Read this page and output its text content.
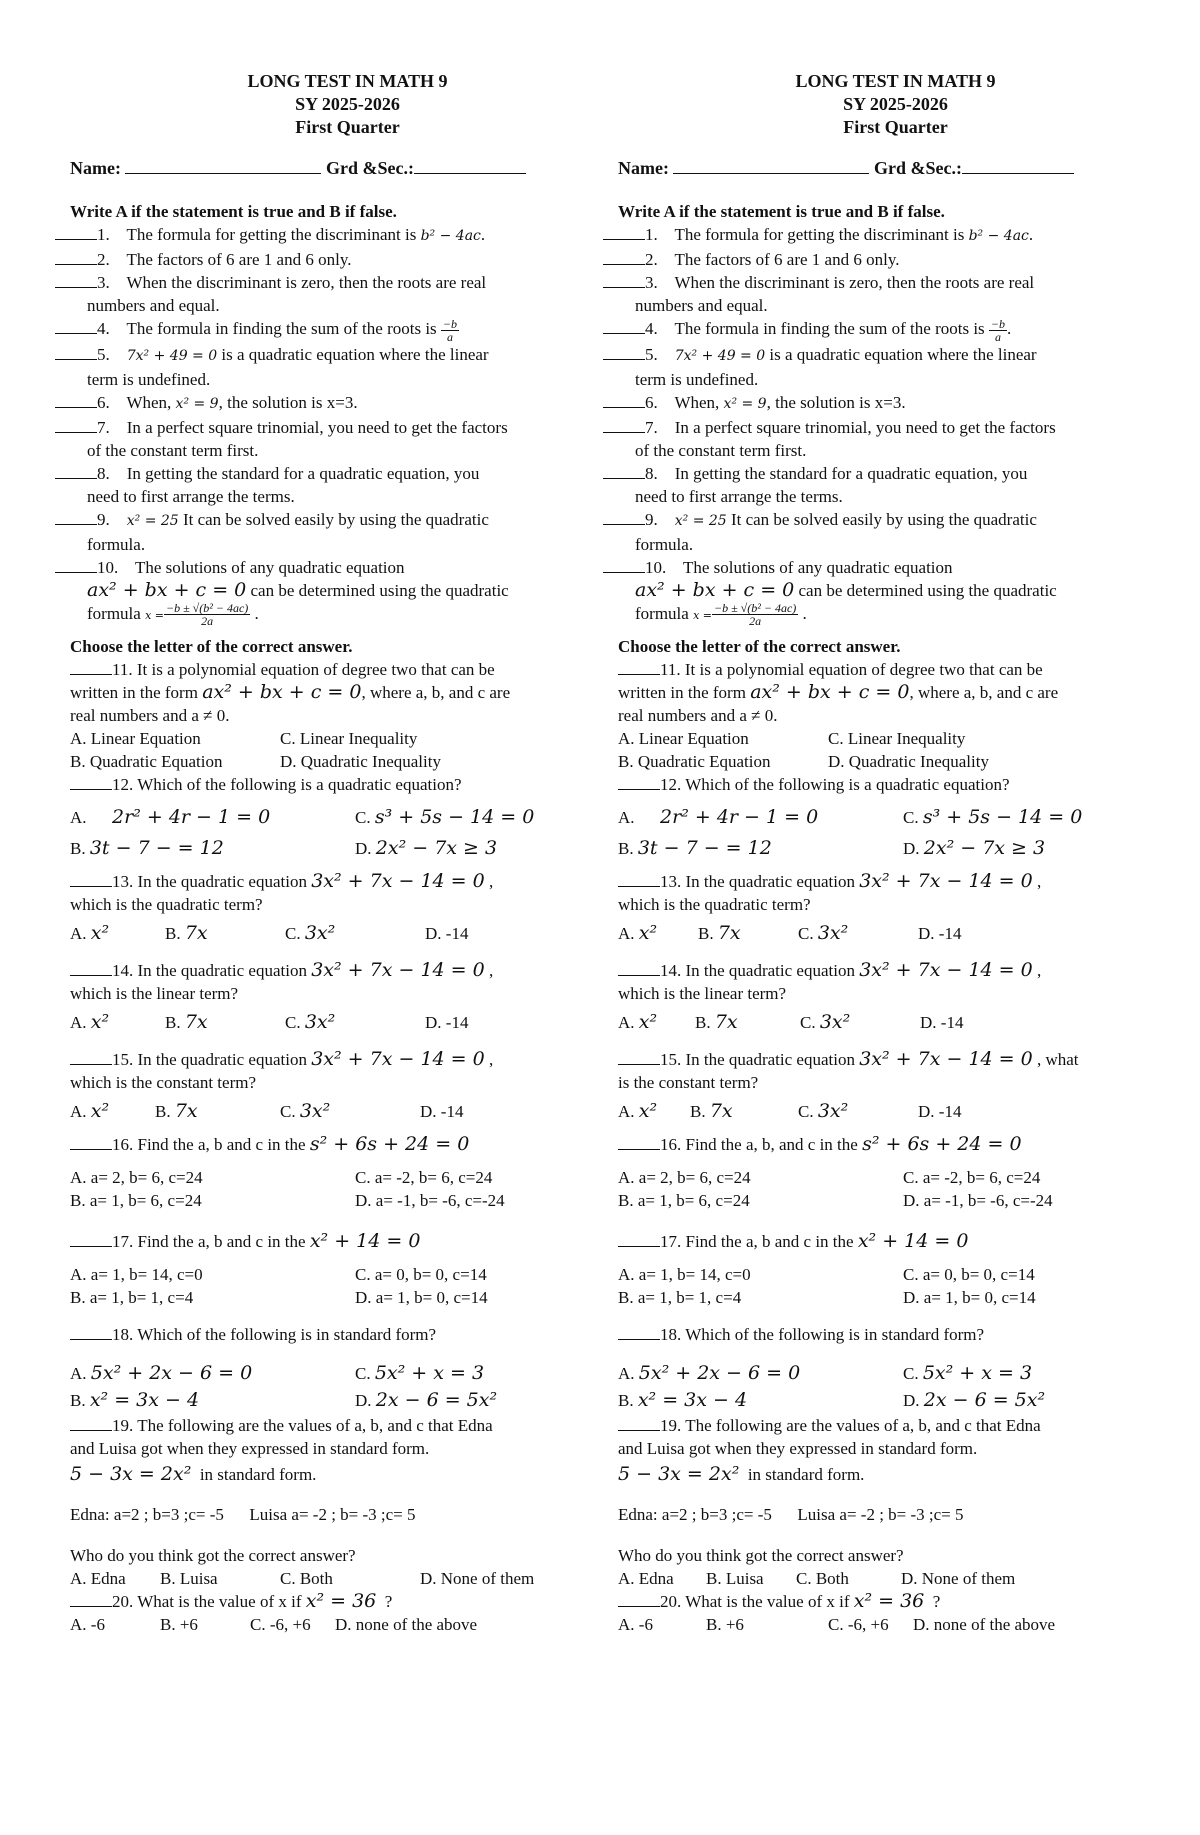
LONG TEST IN MATH 9
SY 2025-2026
First Quarter
Name:	Grd &Sec.:
Write A if the statement is true and B if false.
1. The formula for getting the discriminant is b² − 4ac.
2. The factors of 6 are 1 and 6 only.
3. When the discriminant is zero, then the roots are real
numbers and equal.
4. The formula in finding the sum of the roots is $\frac{-b}{a}$
5. 7x² + 49 = 0 is a quadratic equation where the linear
term is undefined.
6. When, x² = 9, the solution is x=3.
7. In a perfect square trinomial, you need to get the factors
of the constant term first.
8. In getting the standard for a quadratic equation, you
need to first arrange the terms.
9. x² = 25 It can be solved easily by using the quadratic
formula.
10. The solutions of any quadratic equation
ax² + bx + c = 0 can be determined using the quadratic
formula $x = \frac{\text{−b ± √(b² − 4ac)}}{2a}$ .
Choose the letter of the correct answer.
11. It is a polynomial equation of degree two that can be
written in the form ax² + bx + c = 0, where a, b, and c are
real numbers and a ≠ 0.
A. Linear Equation	C. Linear Inequality
B. Quadratic Equation	D. Quadratic Inequality
12. Which of the following is a quadratic equation?
A. 2r² + 4r − 1 = 0	C. s³ + 5s − 14 = 0
B. 3t − 7 − = 12	D. 2x² − 7x ≥ 3
13. In the quadratic equation 3x² + 7x − 14 = 0 ,
which is the quadratic term?
A. x²	B. 7x	C. 3x²	D. -14
14. In the quadratic equation 3x² + 7x − 14 = 0 ,
which is the linear term?
A. x²	B. 7x	C. 3x²	D. -14
15. In the quadratic equation 3x² + 7x − 14 = 0 ,
which is the constant term?
A. x²	B. 7x	C. 3x²	D. -14
16. Find the a, b and c in the s² + 6s + 24 = 0
A. a= 2, b= 6, c=24	C. a= -2, b= 6, c=24
B. a= 1, b= 6, c=24	D. a= -1, b= -6, c=-24
17. Find the a, b and c in the x² + 14 = 0
A. a= 1, b= 14, c=0	C. a= 0, b= 0, c=14
B. a= 1, b= 1, c=4	D. a= 1, b= 0, c=14
18. Which of the following is in standard form?
A. 5x² + 2x − 6 = 0	C. 5x² + x = 3
B. x² = 3x − 4	D. 2x − 6 = 5x²
19. The following are the values of a, b, and c that Edna
and Luisa got when they expressed in standard form.
5 − 3x = 2x² in standard form.
Edna: a=2 ; b=3 ;c= -5 Luisa a= -2 ; b= -3 ;c= 5
Who do you think got the correct answer?
A. Edna	B. Luisa	C. Both	D. None of them
20. What is the value of x if x² = 36 ?
A. -6	B. +6	C. -6, +6	D. none of the above
LONG TEST IN MATH 9
SY 2025-2026
First Quarter
Name:	Grd &Sec.:
Write A if the statement is true and B if false.
1. The formula for getting the discriminant is b² − 4ac.
2. The factors of 6 are 1 and 6 only.
3. When the discriminant is zero, then the roots are real
numbers and equal.
4. The formula in finding the sum of the roots is $\frac{-b}{a}$ .
5. 7x² + 49 = 0 is a quadratic equation where the linear
term is undefined.
6. When, x² = 9, the solution is x=3.
7. In a perfect square trinomial, you need to get the factors
of the constant term first.
8. In getting the standard for a quadratic equation, you
need to first arrange the terms.
9. x² = 25 It can be solved easily by using the quadratic
formula.
10. The solutions of any quadratic equation
ax² + bx + c = 0 can be determined using the quadratic
formula $x = \frac{\text{−b ± √(b² − 4ac)}}{2a}$ .
Choose the letter of the correct answer.
11. It is a polynomial equation of degree two that can be
written in the form ax² + bx + c = 0, where a, b, and c are
real numbers and a ≠ 0.
A. Linear Equation	C. Linear Inequality
B. Quadratic Equation	D. Quadratic Inequality
12. Which of the following is a quadratic equation?
A. 2r² + 4r − 1 = 0	C. s³ + 5s − 14 = 0
B. 3t − 7 − = 12	D. 2x² − 7x ≥ 3
13. In the quadratic equation 3x² + 7x − 14 = 0 ,
which is the quadratic term?
A. x²	B. 7x	C. 3x²	D. -14
14. In the quadratic equation 3x² + 7x − 14 = 0 ,
which is the linear term?
A. x²	B. 7x	C. 3x²	D. -14
15. In the quadratic equation 3x² + 7x − 14 = 0 , what
is the constant term?
A. x²	B. 7x	C. 3x²	D. -14
16. Find the a, b, and c in the s² + 6s + 24 = 0
A. a= 2, b= 6, c=24	C. a= -2, b= 6, c=24
B. a= 1, b= 6, c=24	D. a= -1, b= -6, c=-24
17. Find the a, b and c in the x² + 14 = 0
A. a= 1, b= 14, c=0	C. a= 0, b= 0, c=14
B. a= 1, b= 1, c=4	D. a= 1, b= 0, c=14
18. Which of the following is in standard form?
A. 5x² + 2x − 6 = 0	C. 5x² + x = 3
B. x² = 3x − 4	D. 2x − 6 = 5x²
19. The following are the values of a, b, and c that Edna
and Luisa got when they expressed in standard form.
5 − 3x = 2x² in standard form.
Edna: a=2 ; b=3 ;c= -5 Luisa a= -2 ; b= -3 ;c= 5
Who do you think got the correct answer?
A. Edna	B. Luisa	C. Both	D. None of them
20. What is the value of x if x² = 36 ?
A. -6	B. +6	C. -6, +6	D. none of the above
